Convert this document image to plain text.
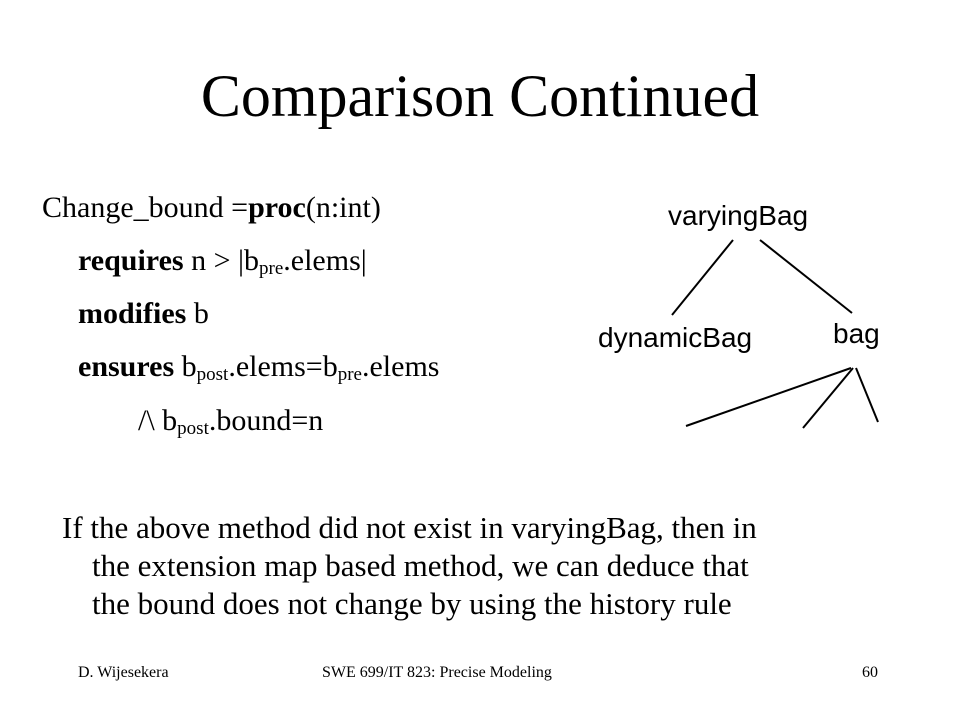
Comparison Continued
Change_bound =proc(n:int)
requires $n > |b_{pre}.elems|$
modifies b
ensures $b_{post}.elems=b_{pre}.elems$
/\ $b_{post}.bound=n$
varyingBag
dynamicBag	bag
If the above method did not exist in varyingBag, then in
the extension map based method, we can deduce that
the bound does not change by using the history rule
D. Wijesekera	SWE 699/IT 823: Precise Modeling	60
